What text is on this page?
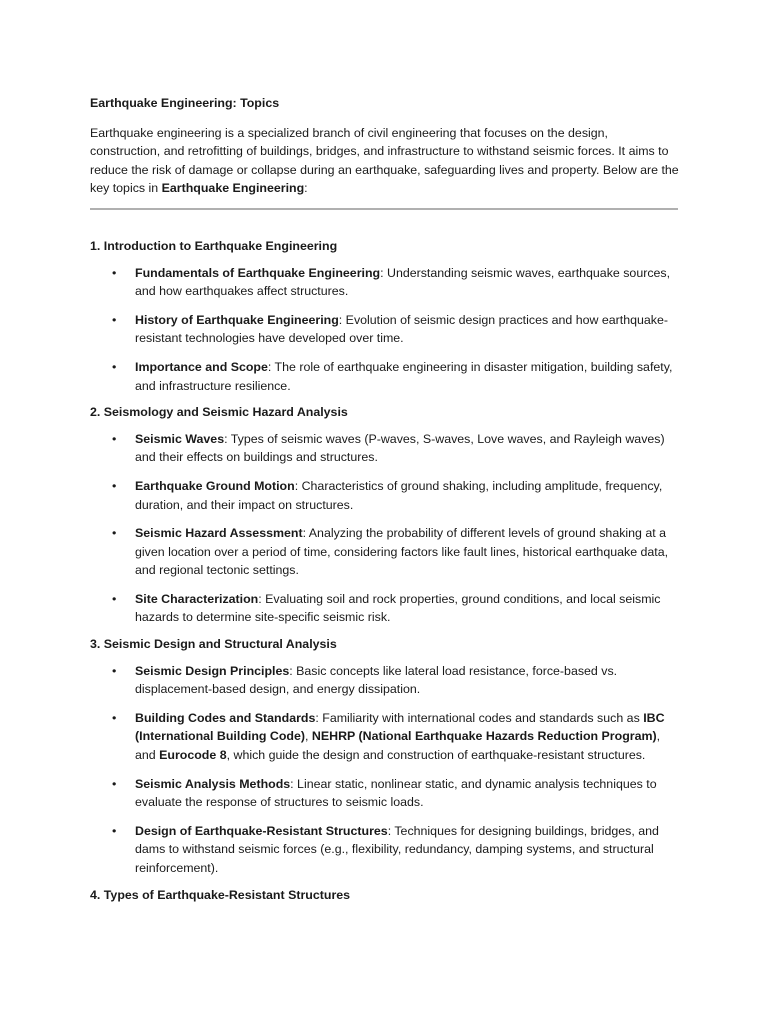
Earthquake Engineering: Topics

Earthquake engineering is a specialized branch of civil engineering that focuses on the design, construction, and retrofitting of buildings, bridges, and infrastructure to withstand seismic forces. It aims to reduce the risk of damage or collapse during an earthquake, safeguarding lives and property. Below are the key topics in Earthquake Engineering:

1. Introduction to Earthquake Engineering

• Fundamentals of Earthquake Engineering: Understanding seismic waves, earthquake sources, and how earthquakes affect structures.
• History of Earthquake Engineering: Evolution of seismic design practices and how earthquake-resistant technologies have developed over time.
• Importance and Scope: The role of earthquake engineering in disaster mitigation, building safety, and infrastructure resilience.

2. Seismology and Seismic Hazard Analysis

• Seismic Waves: Types of seismic waves (P-waves, S-waves, Love waves, and Rayleigh waves) and their effects on buildings and structures.
• Earthquake Ground Motion: Characteristics of ground shaking, including amplitude, frequency, duration, and their impact on structures.
• Seismic Hazard Assessment: Analyzing the probability of different levels of ground shaking at a given location over a period of time, considering factors like fault lines, historical earthquake data, and regional tectonic settings.
• Site Characterization: Evaluating soil and rock properties, ground conditions, and local seismic hazards to determine site-specific seismic risk.

3. Seismic Design and Structural Analysis

• Seismic Design Principles: Basic concepts like lateral load resistance, force-based vs. displacement-based design, and energy dissipation.
• Building Codes and Standards: Familiarity with international codes and standards such as IBC (International Building Code), NEHRP (National Earthquake Hazards Reduction Program), and Eurocode 8, which guide the design and construction of earthquake-resistant structures.
• Seismic Analysis Methods: Linear static, nonlinear static, and dynamic analysis techniques to evaluate the response of structures to seismic loads.
• Design of Earthquake-Resistant Structures: Techniques for designing buildings, bridges, and dams to withstand seismic forces (e.g., flexibility, redundancy, damping systems, and structural reinforcement).

4. Types of Earthquake-Resistant Structures
